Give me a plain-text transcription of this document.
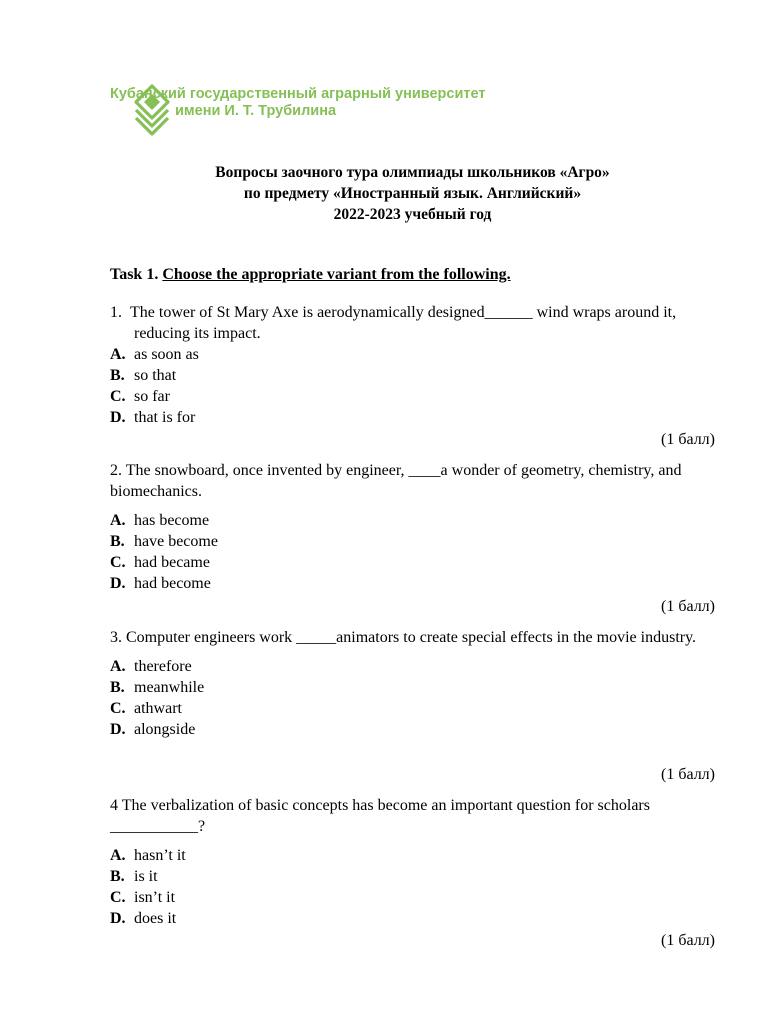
Кубанский государственный аграрный университет
имени И. Т. Трубилина
Вопросы заочного тура олимпиады школьников «Агро»
по предмету «Иностранный язык. Английский»
2022-2023 учебный год
Task 1. Choose the appropriate variant from the following.
1. The tower of St Mary Axe is aerodynamically designed______ wind wraps around it, reducing its impact.
A. as soon as
B. so that
C. so far
D. that is for
(1 балл)
2. The snowboard, once invented by engineer, ____a wonder of geometry, chemistry, and biomechanics.
A. has become
B. have become
C. had became
D. had become
(1 балл)
3. Computer engineers work _____animators to create special effects in the movie industry.
A. therefore
B. meanwhile
C. athwart
D. alongside
(1 балл)
4 The verbalization of basic concepts has become an important question for scholars ___________?
A. hasn’t it
B. is it
C. isn’t it
D. does it
(1 балл)
